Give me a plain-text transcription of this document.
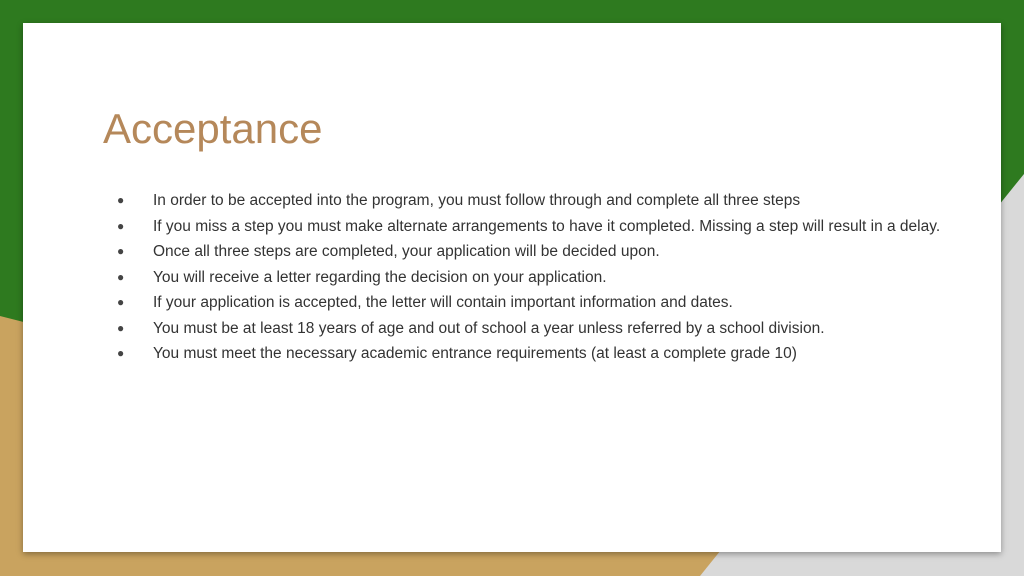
Acceptance
● In order to be accepted into the program, you must follow through and complete all three steps
● If you miss a step you must make alternate arrangements to have it completed. Missing a step will result in a delay.
● Once all three steps are completed, your application will be decided upon.
● You will receive a letter regarding the decision on your application.
● If your application is accepted, the letter will contain important information and dates.
● You must be at least 18 years of age and out of school a year unless referred by a school division.
● You must meet the necessary academic entrance requirements (at least a complete grade 10)
